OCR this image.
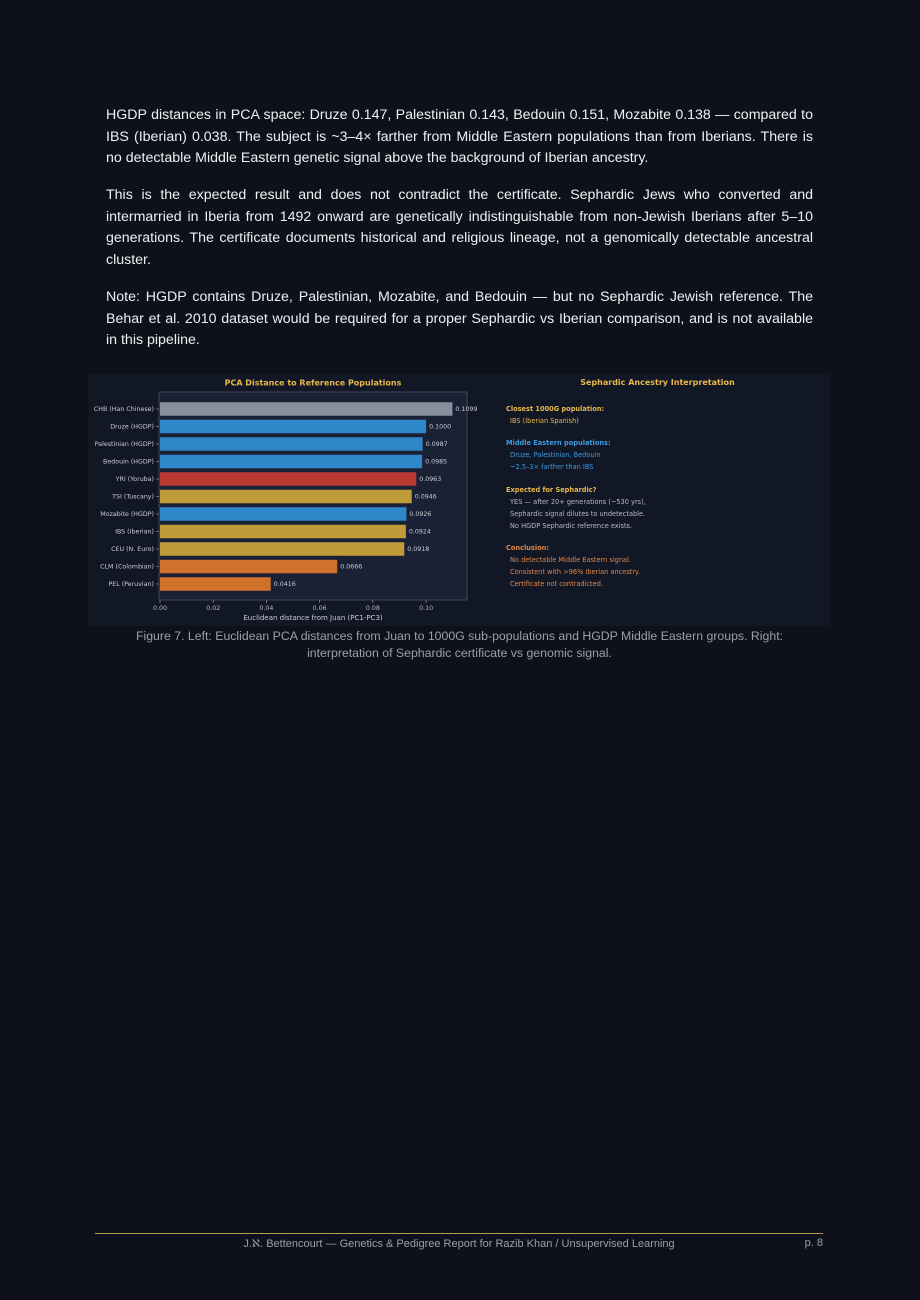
HGDP distances in PCA space: Druze 0.147, Palestinian 0.143, Bedouin 0.151, Mozabite 0.138 — compared to IBS (Iberian) 0.038. The subject is ~3–4× farther from Middle Eastern populations than from Iberians. There is no detectable Middle Eastern genetic signal above the background of Iberian ancestry.

This is the expected result and does not contradict the certificate. Sephardic Jews who converted and intermarried in Iberia from 1492 onward are genetically indistinguishable from non-Jewish Iberians after 5–10 generations. The certificate documents historical and religious lineage, not a genomically detectable ancestral cluster.

Note: HGDP contains Druze, Palestinian, Mozabite, and Bedouin — but no Sephardic Jewish reference. The Behar et al. 2010 dataset would be required for a proper Sephardic vs Iberian comparison, and is not available in this pipeline.

PCA Distance to Reference Populations
CHB (Han Chinese)	0.1099
Druze (HGDP)	0.1000
Palestinian (HGDP)	0.0987
Bedouin (HGDP)	0.0985
YRI (Yoruba)	0.0963
TSI (Tuscany)	0.0946
Mozabite (HGDP)	0.0926
IBS (Iberian)	0.0924
CEU (N. Euro)	0.0918
CLM (Colombian)	0.0666
PEL (Peruvian)	0.0416
0.00	0.02	0.04	0.06	0.08	0.10
Euclidean distance from Juan (PC1-PC3)
Sephardic Ancestry Interpretation
Closest 1000G population:
IBS (Iberian Spanish)
Middle Eastern populations:
Druze, Palestinian, Bedouin
~2.5–3× farther than IBS
Expected for Sephardic?
YES — after 20+ generations (~530 yrs),
Sephardic signal dilutes to undetectable.
No HGDP Sephardic reference exists.
Conclusion:
No detectable Middle Eastern signal.
Consistent with >96% Iberian ancestry.
Certificate not contradicted.
Figure 7. Left: Euclidean PCA distances from Juan to 1000G sub-populations and HGDP Middle Eastern groups. Right: interpretation of Sephardic certificate vs genomic signal.
J.ℵ. Bettencourt — Genetics & Pedigree Report for Razib Khan / Unsupervised Learning	p. 8
